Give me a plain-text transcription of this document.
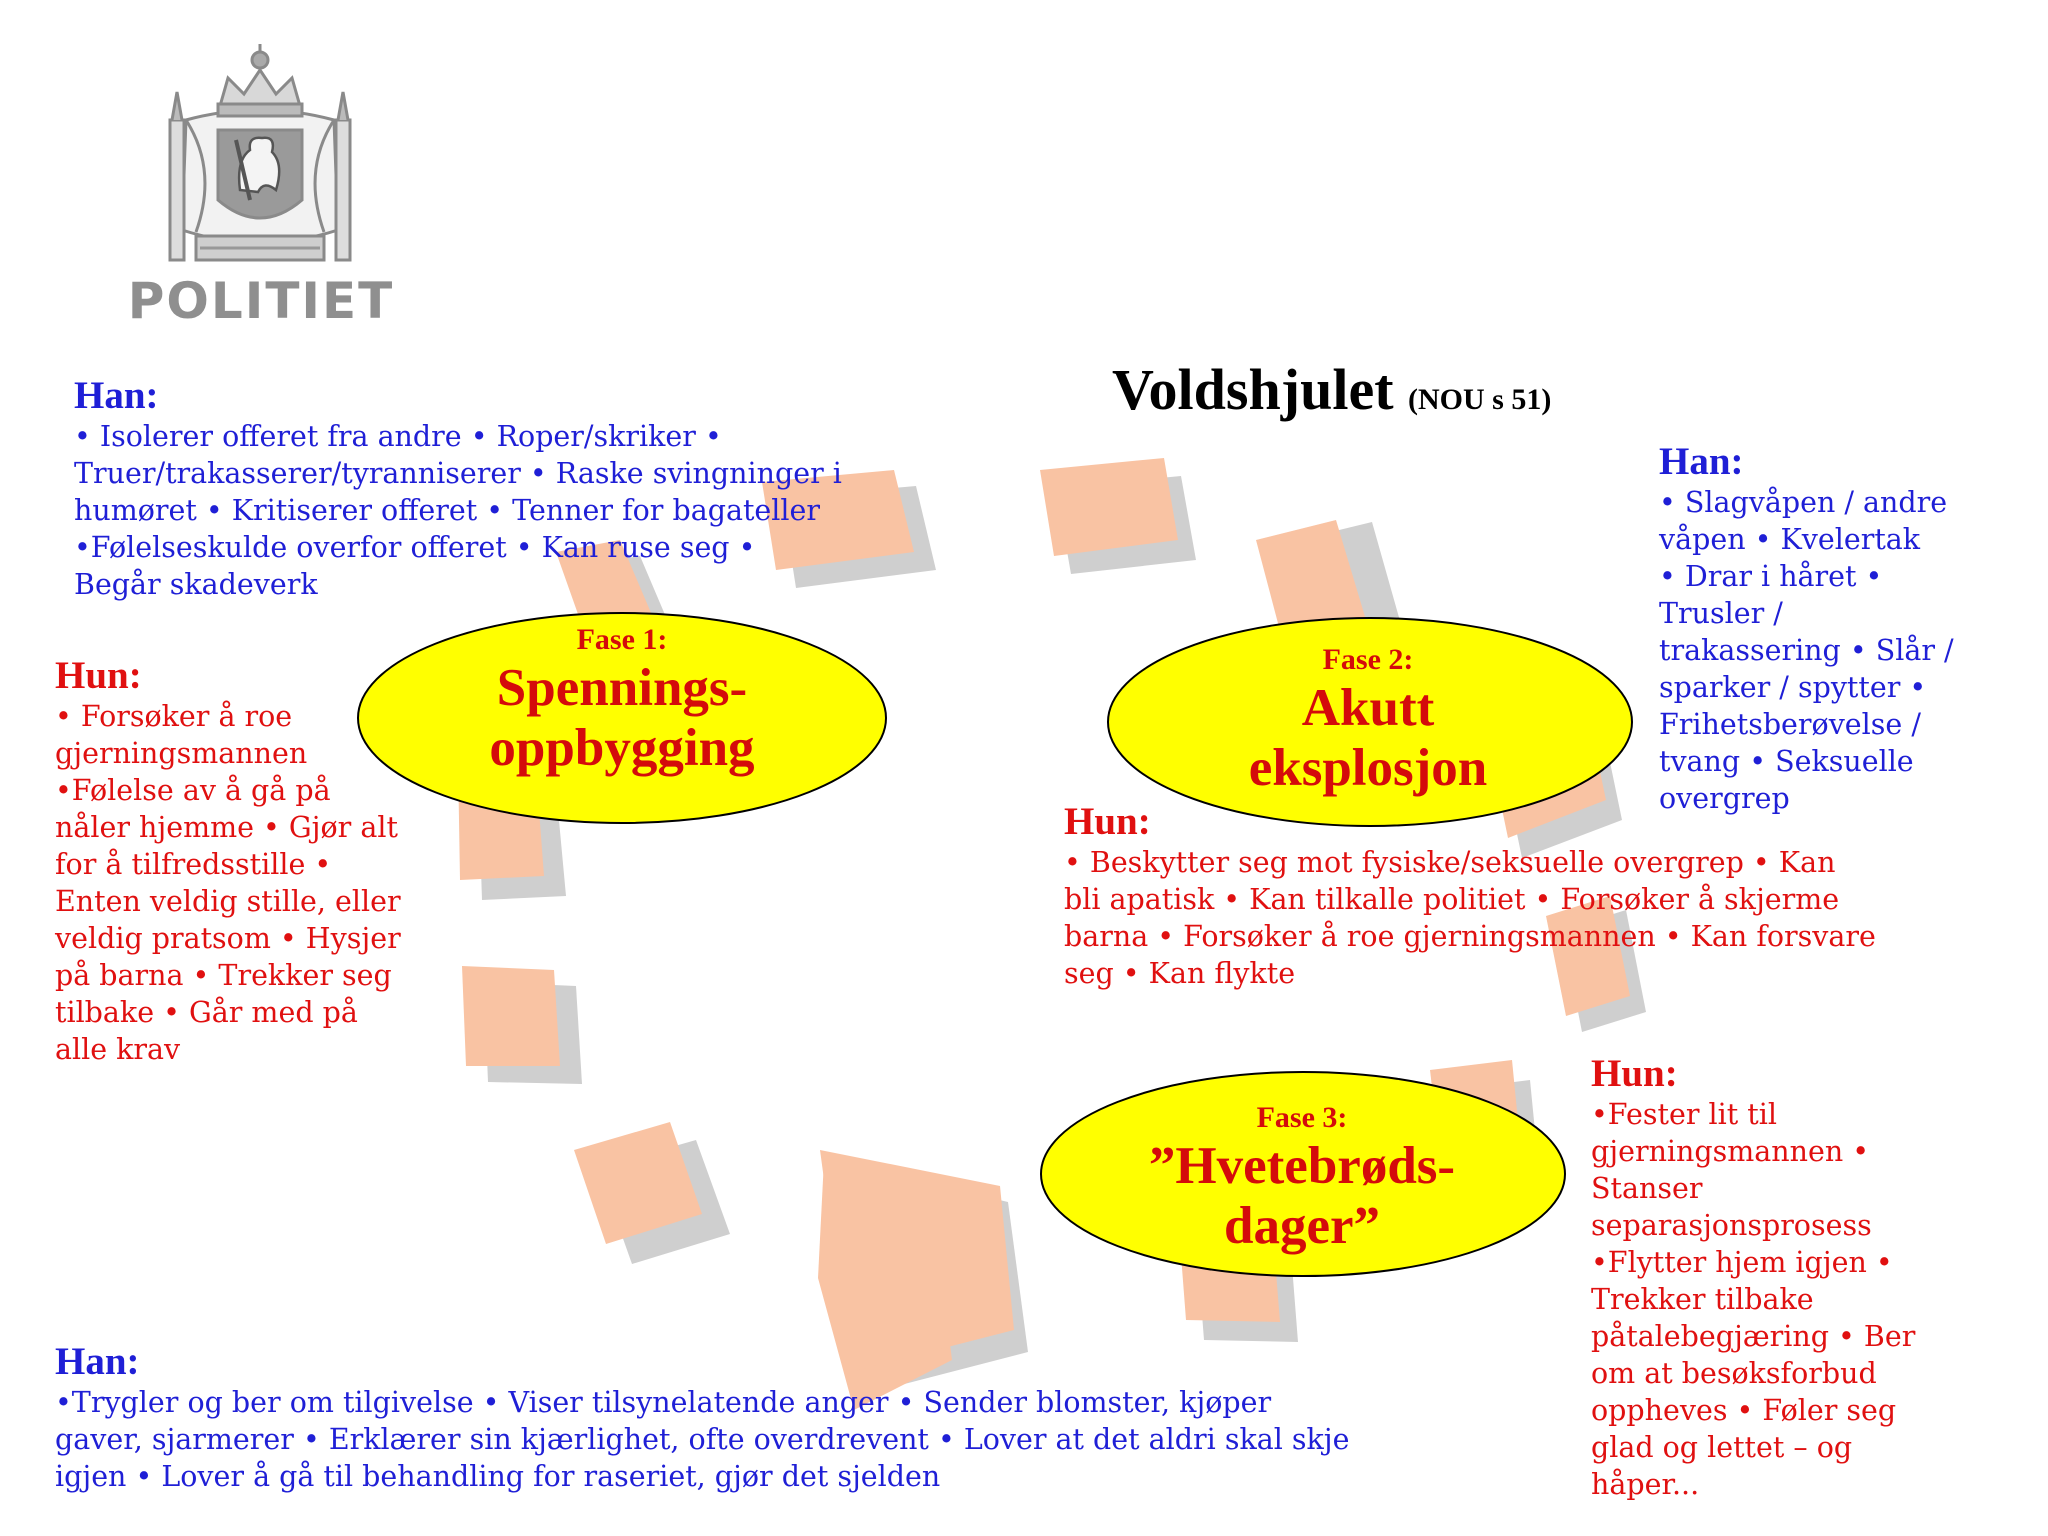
POLITIET
Voldshjulet (NOU s 51)
Fase 1:
Spennings-
oppbygging
Fase 2:
Akutt
eksplosjon
Fase 3:
”Hvetebrøds-
dager”
Han:
• Isolerer offeret fra andre • Roper/skriker •
Truer/trakasserer/tyranniserer • Raske svingninger i
humøret • Kritiserer offeret • Tenner for bagateller
•Følelseskulde overfor offeret • Kan ruse seg •
Begår skadeverk
Hun:
• Forsøker å roe
gjerningsmannen
•Følelse av å gå på
nåler hjemme • Gjør alt
for å tilfredsstille •
Enten veldig stille, eller
veldig pratsom • Hysjer
på barna • Trekker seg
tilbake • Går med på
alle krav
Han:
• Slagvåpen / andre
våpen • Kvelertak
• Drar i håret •
Trusler /
trakassering • Slår /
sparker / spytter •
Frihetsberøvelse /
tvang • Seksuelle
overgrep
Hun:
• Beskytter seg mot fysiske/seksuelle overgrep • Kan
bli apatisk • Kan tilkalle politiet • Forsøker å skjerme
barna • Forsøker å roe gjerningsmannen • Kan forsvare
seg • Kan flykte
Hun:
•Fester lit til
gjerningsmannen •
Stanser
separasjonsprosess
•Flytter hjem igjen •
Trekker tilbake
påtalebegjæring • Ber
om at besøksforbud
oppheves • Føler seg
glad og lettet – og
håper...
Han:
•Trygler og ber om tilgivelse • Viser tilsynelatende anger • Sender blomster, kjøper
gaver, sjarmerer • Erklærer sin kjærlighet, ofte overdrevent • Lover at det aldri skal skje
igjen • Lover å gå til behandling for raseriet, gjør det sjelden
